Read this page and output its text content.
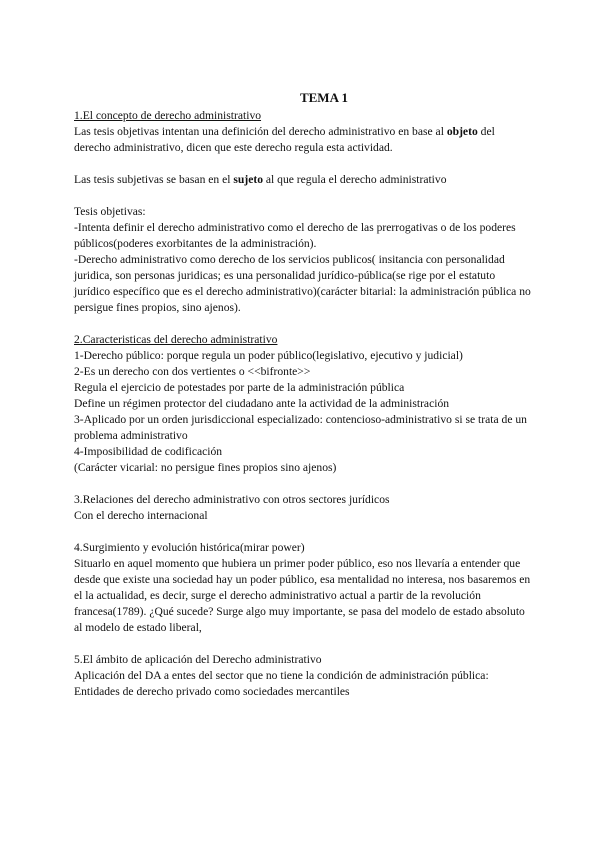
TEMA 1

1.El concepto de derecho administrativo

Las tesis objetivas intentan una definición del derecho administrativo en base al objeto del derecho administrativo, dicen que este derecho regula esta actividad.

Las tesis subjetivas se basan en el sujeto al que regula el derecho administrativo

Tesis objetivas:

-Intenta definir el derecho administrativo como el derecho de las prerrogativas o de los poderes públicos(poderes exorbitantes de la administración).

-Derecho administrativo como derecho de los servicios publicos( insitancia con personalidad juridica, son personas juridicas; es una personalidad jurídico-pública(se rige por el estatuto jurídico específico que es el derecho administrativo)(carácter bitarial: la administración pública no persigue fines propios, sino ajenos).

2.Caracteristicas del derecho administrativo

1-Derecho público: porque regula un poder público(legislativo, ejecutivo y judicial)

2-Es un derecho con dos vertientes o <<bifronte>>

Regula el ejercicio de potestades por parte de la administración pública

Define un régimen protector del ciudadano ante la actividad de la administración

3-Aplicado por un orden jurisdiccional especializado: contencioso-administrativo si se trata de un problema administrativo

4-Imposibilidad de codificación

(Carácter vicarial: no persigue fines propios sino ajenos)

3.Relaciones del derecho administrativo con otros sectores jurídicos

Con el derecho internacional

4.Surgimiento y evolución histórica(mirar power)

Situarlo en aquel momento que hubiera un primer poder público, eso nos llevaría a entender que desde que existe una sociedad hay un poder público, esa mentalidad no interesa, nos basaremos en el la actualidad, es decir, surge el derecho administrativo actual a partir de la revolución francesa(1789). ¿Qué sucede? Surge algo muy importante, se pasa del modelo de estado absoluto al modelo de estado liberal,

5.El ámbito de aplicación del Derecho administrativo

Aplicación del DA a entes del sector que no tiene la condición de administración pública:

Entidades de derecho privado como sociedades mercantiles
